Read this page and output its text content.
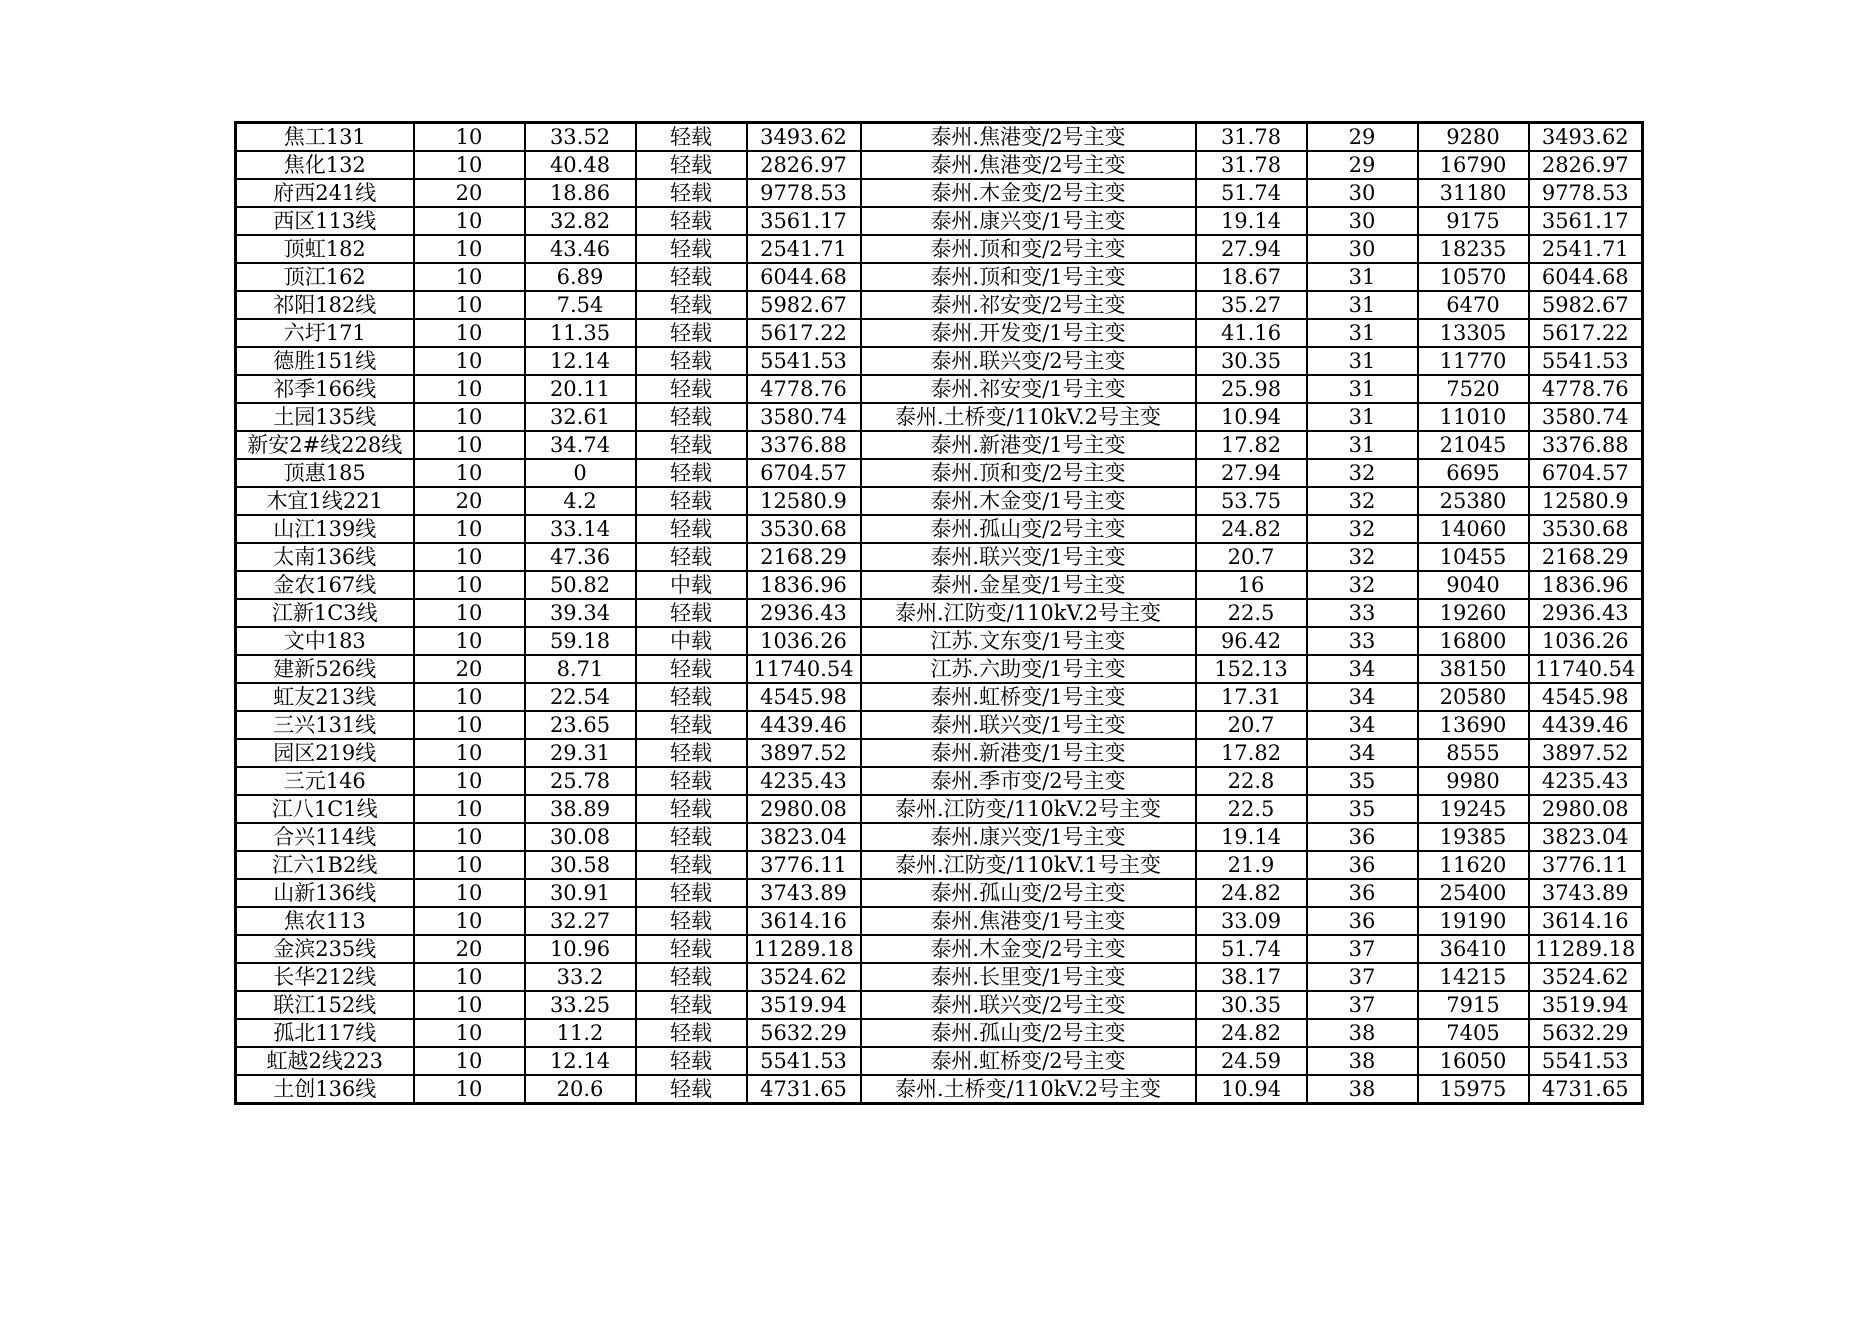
焦工131	10	33.52	轻载	3493.62	泰州.焦港变/2号主变	31.78	29	9280	3493.62
焦化132	10	40.48	轻载	2826.97	泰州.焦港变/2号主变	31.78	29	16790	2826.97
府西241线	20	18.86	轻载	9778.53	泰州.木金变/2号主变	51.74	30	31180	9778.53
西区113线	10	32.82	轻载	3561.17	泰州.康兴变/1号主变	19.14	30	9175	3561.17
顶虹182	10	43.46	轻载	2541.71	泰州.顶和变/2号主变	27.94	30	18235	2541.71
顶江162	10	6.89	轻载	6044.68	泰州.顶和变/1号主变	18.67	31	10570	6044.68
祁阳182线	10	7.54	轻载	5982.67	泰州.祁安变/2号主变	35.27	31	6470	5982.67
六圩171	10	11.35	轻载	5617.22	泰州.开发变/1号主变	41.16	31	13305	5617.22
德胜151线	10	12.14	轻载	5541.53	泰州.联兴变/2号主变	30.35	31	11770	5541.53
祁季166线	10	20.11	轻载	4778.76	泰州.祁安变/1号主变	25.98	31	7520	4778.76
土园135线	10	32.61	轻载	3580.74	泰州.土桥变/110kV.2号主变	10.94	31	11010	3580.74
新安2#线228线	10	34.74	轻载	3376.88	泰州.新港变/1号主变	17.82	31	21045	3376.88
顶惠185	10	0	轻载	6704.57	泰州.顶和变/2号主变	27.94	32	6695	6704.57
木宜1线221	20	4.2	轻载	12580.9	泰州.木金变/1号主变	53.75	32	25380	12580.9
山江139线	10	33.14	轻载	3530.68	泰州.孤山变/2号主变	24.82	32	14060	3530.68
太南136线	10	47.36	轻载	2168.29	泰州.联兴变/1号主变	20.7	32	10455	2168.29
金农167线	10	50.82	中载	1836.96	泰州.金星变/1号主变	16	32	9040	1836.96
江新1C3线	10	39.34	轻载	2936.43	泰州.江防变/110kV.2号主变	22.5	33	19260	2936.43
文中183	10	59.18	中载	1036.26	江苏.文东变/1号主变	96.42	33	16800	1036.26
建新526线	20	8.71	轻载	11740.54	江苏.六助变/1号主变	152.13	34	38150	11740.54
虹友213线	10	22.54	轻载	4545.98	泰州.虹桥变/1号主变	17.31	34	20580	4545.98
三兴131线	10	23.65	轻载	4439.46	泰州.联兴变/1号主变	20.7	34	13690	4439.46
园区219线	10	29.31	轻载	3897.52	泰州.新港变/1号主变	17.82	34	8555	3897.52
三元146	10	25.78	轻载	4235.43	泰州.季市变/2号主变	22.8	35	9980	4235.43
江八1C1线	10	38.89	轻载	2980.08	泰州.江防变/110kV.2号主变	22.5	35	19245	2980.08
合兴114线	10	30.08	轻载	3823.04	泰州.康兴变/1号主变	19.14	36	19385	3823.04
江六1B2线	10	30.58	轻载	3776.11	泰州.江防变/110kV.1号主变	21.9	36	11620	3776.11
山新136线	10	30.91	轻载	3743.89	泰州.孤山变/2号主变	24.82	36	25400	3743.89
焦农113	10	32.27	轻载	3614.16	泰州.焦港变/1号主变	33.09	36	19190	3614.16
金滨235线	20	10.96	轻载	11289.18	泰州.木金变/2号主变	51.74	37	36410	11289.18
长华212线	10	33.2	轻载	3524.62	泰州.长里变/1号主变	38.17	37	14215	3524.62
联江152线	10	33.25	轻载	3519.94	泰州.联兴变/2号主变	30.35	37	7915	3519.94
孤北117线	10	11.2	轻载	5632.29	泰州.孤山变/2号主变	24.82	38	7405	5632.29
虹越2线223	10	12.14	轻载	5541.53	泰州.虹桥变/2号主变	24.59	38	16050	5541.53
土创136线	10	20.6	轻载	4731.65	泰州.土桥变/110kV.2号主变	10.94	38	15975	4731.65
